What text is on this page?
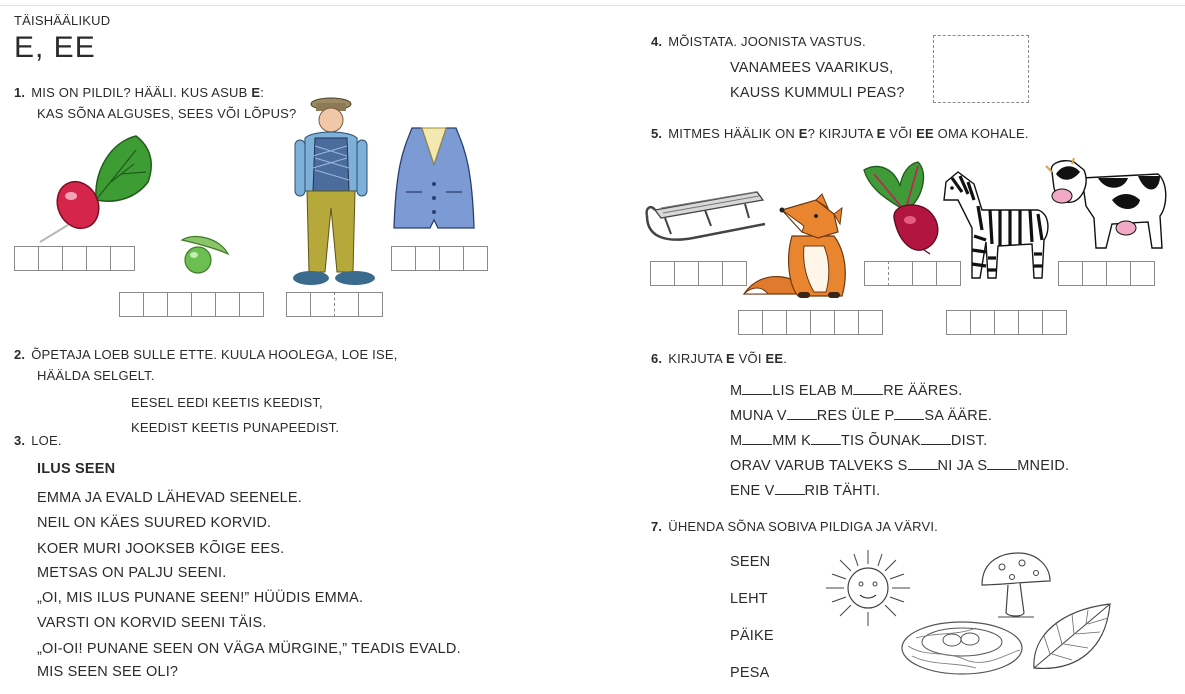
TÄISHÄÄLIKUD
E, EE
1. MIS ON PILDIL? HÄÄLI. KUS ASUB E:
KAS SÕNA ALGUSES, SEES VÕI LÕPUS?
2. ÕPETAJA LOEB SULLE ETTE. KUULA HOOLEGA, LOE ISE,
HÄÄLDA SELGELT.
EESEL EEDI KEETIS KEEDIST,
KEEDIST KEETIS PUNAPEEDIST.
3. LOE.
ILUS SEEN
EMMA JA EVALD LÄHEVAD SEENELE.
NEIL ON KÄES SUURED KORVID.
KOER MURI JOOKSEB KÕIGE EES.
METSAS ON PALJU SEENI.
„OI, MIS ILUS PUNANE SEEN!” HÜÜDIS EMMA.
VARSTI ON KORVID SEENI TÄIS.
„OI-OI! PUNANE SEEN ON VÄGA MÜRGINE,” TEADIS EVALD.
MIS SEEN SEE OLI?
4. MÕISTATA. JOONISTA VASTUS.
VANAMEES VAARIKUS,
KAUSS KUMMULI PEAS?
5. MITMES HÄÄLIK ON E? KIRJUTA E VÕI EE OMA KOHALE.
6. KIRJUTA E VÕI EE.
M LIS ELAB M RE ÄÄRES.
MUNA V RES ÜLE P SA ÄÄRE.
M MM K TIS ÕUNAK DIST.
ORAV VARUB TALVEKS S NI JA S MNEID.
ENE V RIB TÄHTI.
7. ÜHENDA SÕNA SOBIVA PILDIGA JA VÄRVI.
SEEN
LEHT
PÄIKE
PESA
